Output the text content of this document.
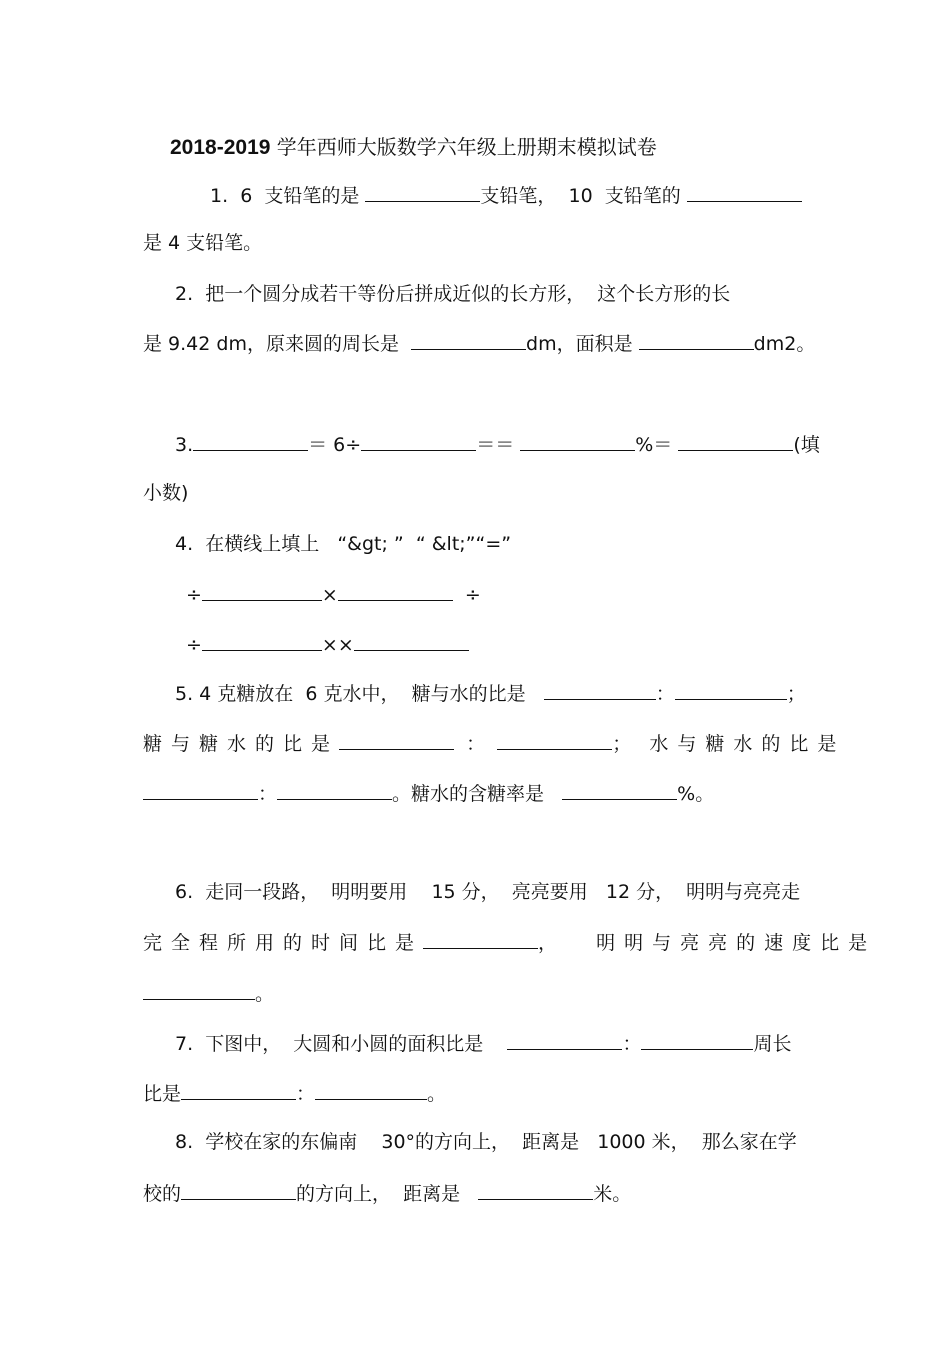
2018-2019 学年西师大版数学六年级上册期末模拟试卷
1.  6  支铅笔的是	支铅笔，  10  支铅笔的
是 4 支铅笔。
2.  把一个圆分成若干等份后拼成近似的长方形，  这个长方形的长
是 9.42 dm，原来圆的周长是	dm，面积是	dm2。
3.	＝ 6÷	＝＝	%＝	(填
小数)
4.  在横线上填上   “&gt; ”  “ &lt;”“=”
÷	×	÷
÷	××
5. 4 克糖放在  6 克水中，  糖与水的比是	：	；
糖与糖水的比是	：	； 水与糖水的比是
：	。糖水的含糖率是	%。
6.  走同一段路，  明明要用    15 分，  亮亮要用   12 分，  明明与亮亮走
完全程所用的时间比是	，  明明与亮亮的速度比是
。
7.  下图中，  大圆和小圆的面积比是	：	周长
比是	：	。
8.  学校在家的东偏南    30°的方向上，  距离是   1000 米，  那么家在学
校的	的方向上，  距离是	米。
